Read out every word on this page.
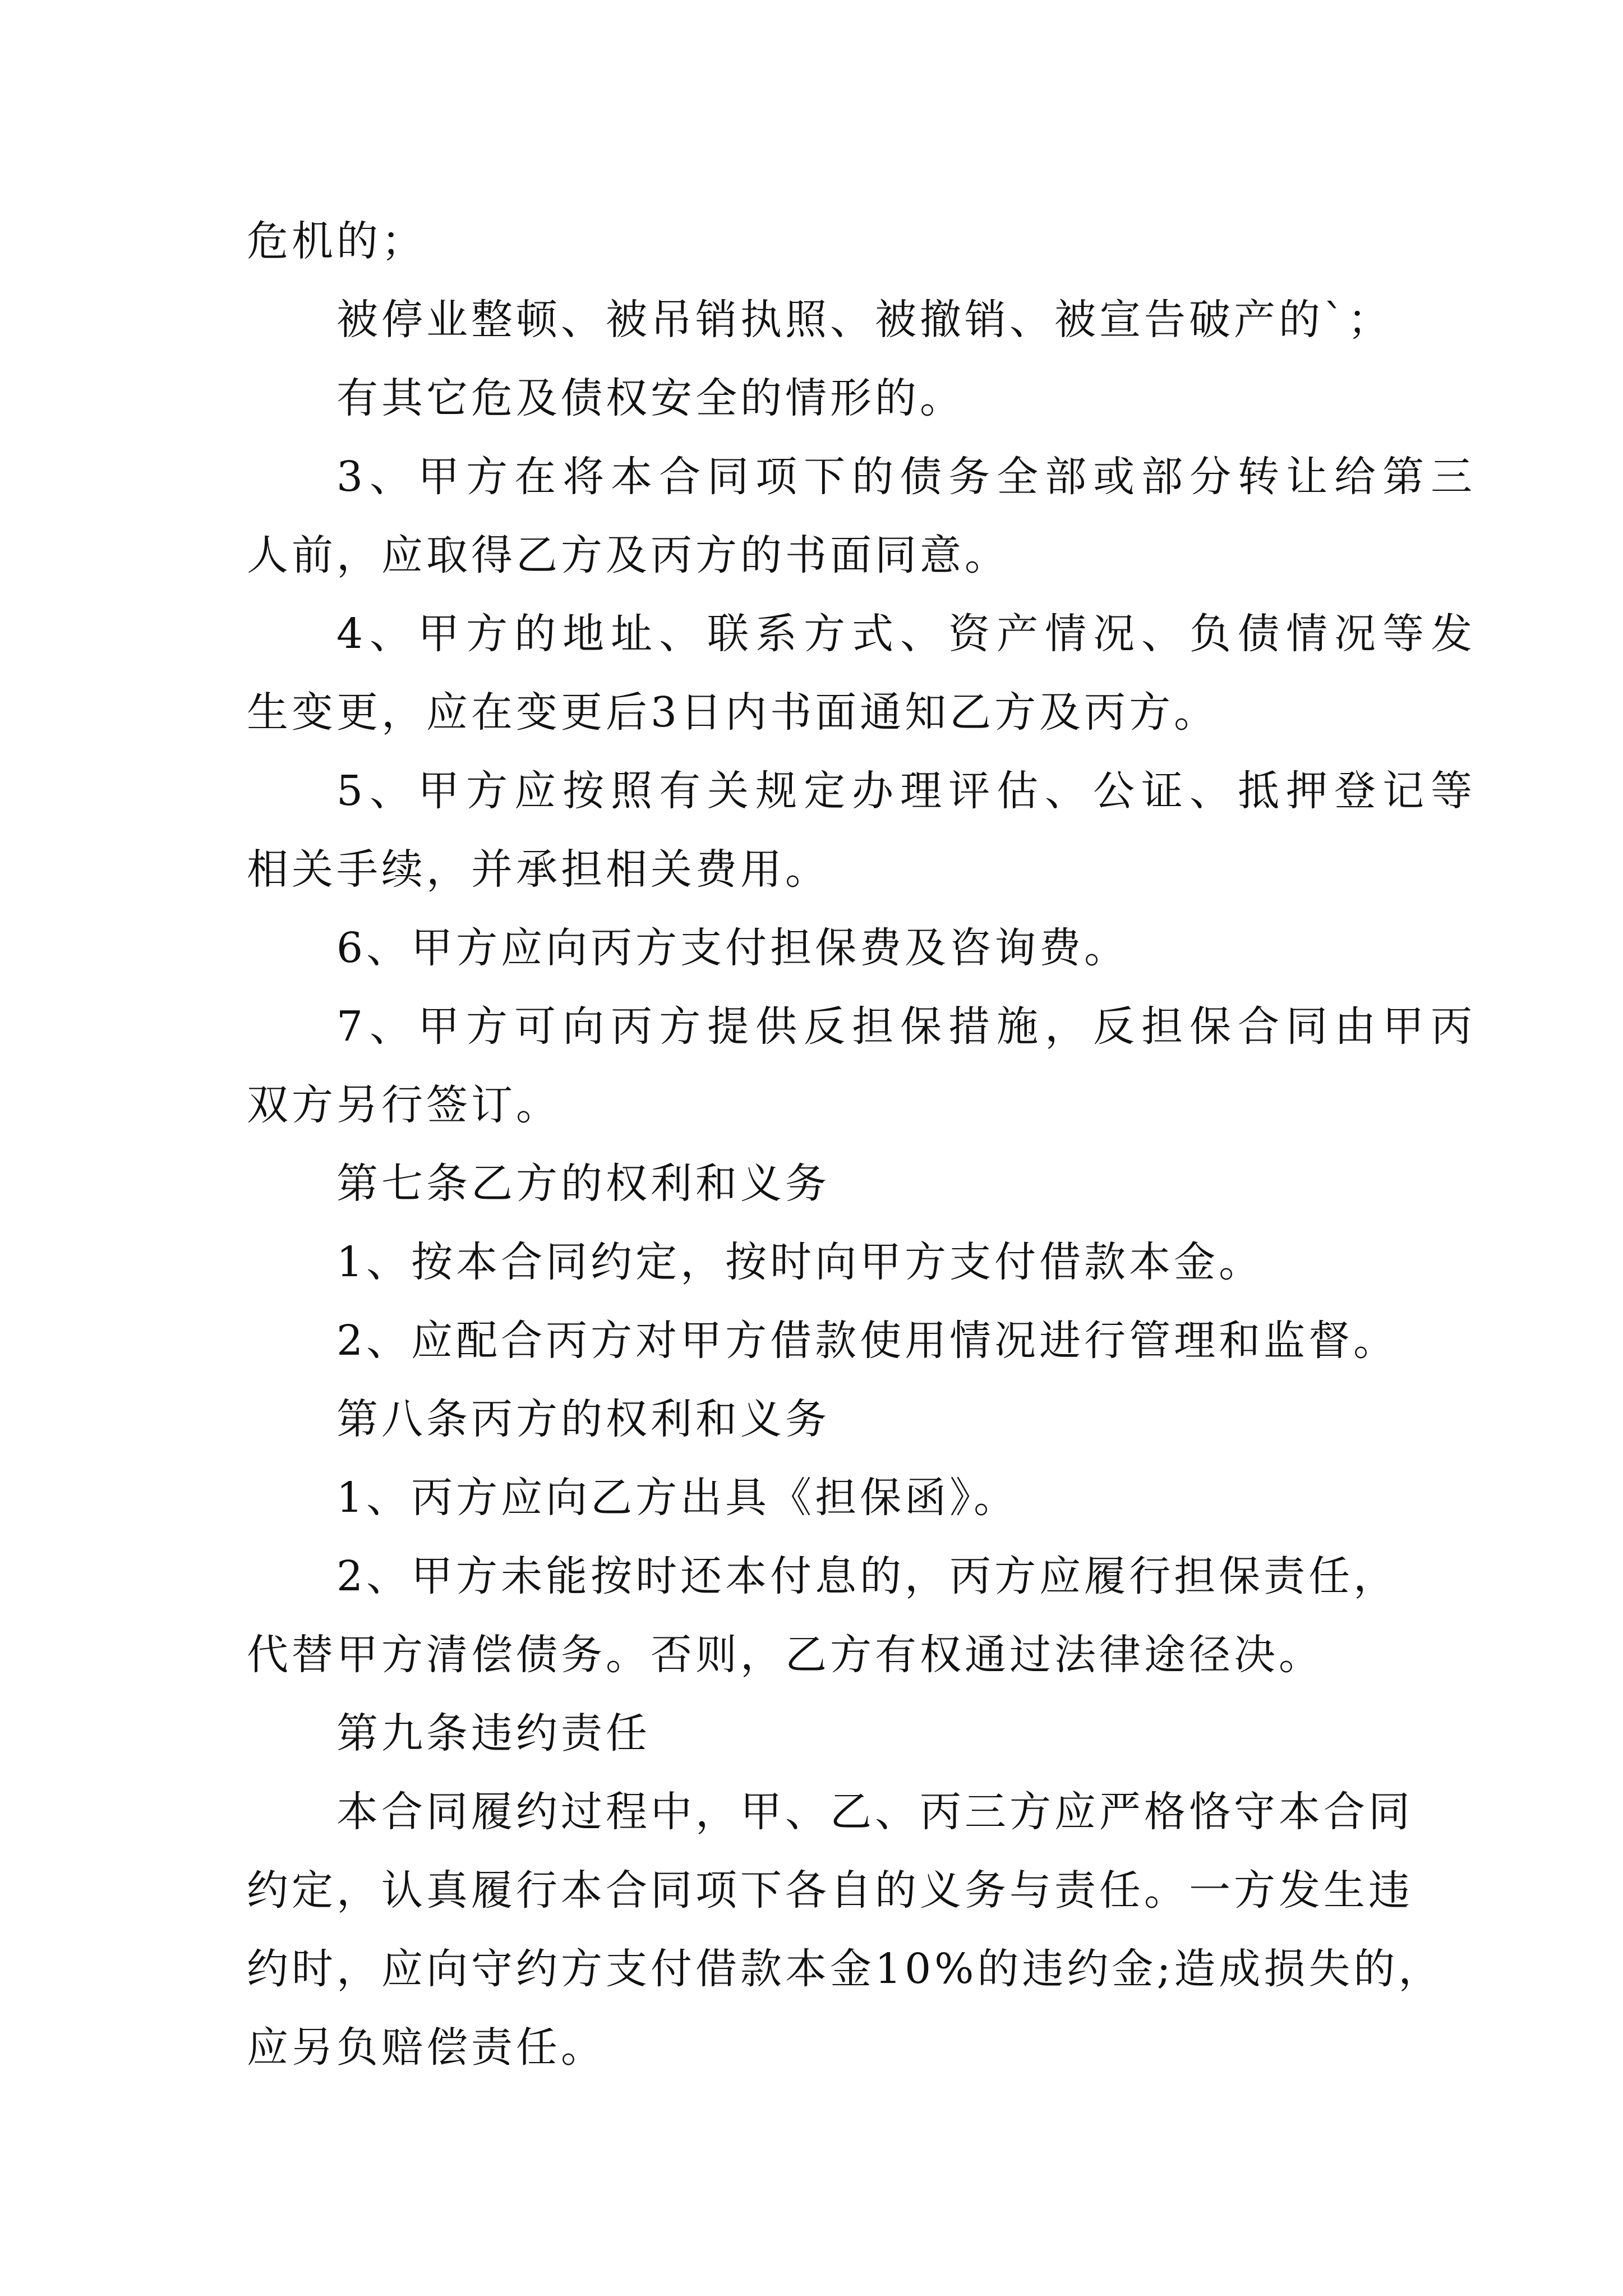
危机的；
被停业整顿、被吊销执照、被撤销、被宣告破产的`；
有其它危及债权安全的情形的。
3、甲方在将本合同项下的债务全部或部分转让给第三
人前，应取得乙方及丙方的书面同意。
4、甲方的地址、联系方式、资产情况、负债情况等发
生变更，应在变更后3日内书面通知乙方及丙方。
5、甲方应按照有关规定办理评估、公证、抵押登记等
相关手续，并承担相关费用。
6、甲方应向丙方支付担保费及咨询费。
7、甲方可向丙方提供反担保措施，反担保合同由甲丙
双方另行签订。
第七条乙方的权利和义务
1、按本合同约定，按时向甲方支付借款本金。
2、应配合丙方对甲方借款使用情况进行管理和监督。
第八条丙方的权利和义务
1、丙方应向乙方出具《担保函》。
2、甲方未能按时还本付息的，丙方应履行担保责任，
代替甲方清偿债务。否则，乙方有权通过法律途径决。
第九条违约责任
本合同履约过程中，甲、乙、丙三方应严格恪守本合同
约定，认真履行本合同项下各自的义务与责任。一方发生违
约时，应向守约方支付借款本金10%的违约金;造成损失的，
应另负赔偿责任。
